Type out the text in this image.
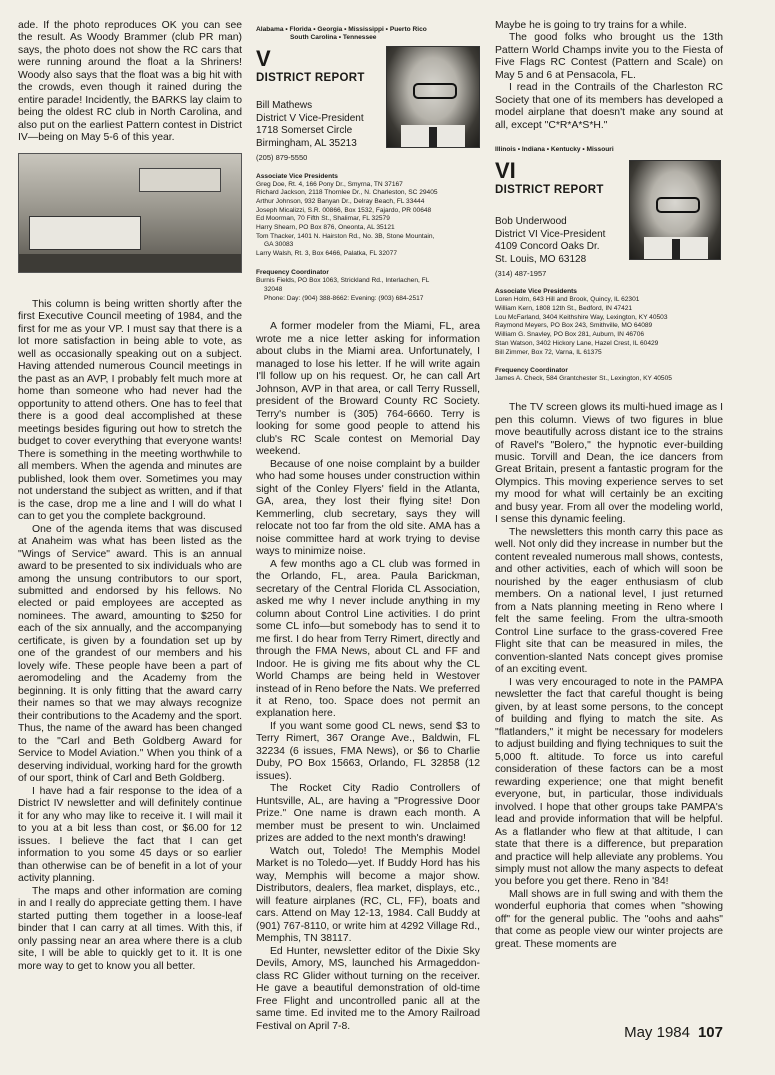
ade. If the photo reproduces OK you can see the result. As Woody Brammer (club PR man) says, the photo does not show the RC cars that were running around the float a la Shriners! Woody also says that the float was a big hit with the crowds, even though it rained during the entire parade! Incidently, the BARKS lay claim to being the oldest RC club in North Carolina, and also put on the earliest Pattern contest in District IV—being on May 5-6 of this year.

This column is being written shortly after the first Executive Council meeting of 1984, and the first for me as your VP. I must say that there is a lot more satisfaction in being able to vote, as well as occasionally speaking out on a subject. Having attended numerous Council meetings in the past as an AVP, I probably felt much more at home than someone who had never had the opportunity to attend others. One has to feel that there is a good deal accomplished at these meetings besides figuring out how to stretch the budget to cover everything that everyone wants! There is something in the meeting worthwhile to all members. When the agenda and minutes are published, look them over. Sometimes you may not understand the subject as written, and if that is the case, drop me a line and I will do what I can to get you the complete background.

One of the agenda items that was discused at Anaheim was what has been listed as the "Wings of Service" award. This is an annual award to be presented to six individuals who are among the unsung contributors to our sport, submitted and endorsed by his fellows. No elected or paid employees are accepted as nominees. The award, amounting to $250 for each of the six annually, and the accompanying certificate, is given by a foundation set up by one of the grandest of our members and his lovely wife. These people have been a part of aeromodeling and the Academy from the beginning. It is only fitting that the award carry their names so that we may always recognize their contributions to the Academy and the sport. Thus, the name of the award has been changed to the "Carl and Beth Goldberg Award for Service to Model Aviation." When you think of a deserving individual, working hard for the growth of our sport, think of Carl and Beth Goldberg.

I have had a fair response to the idea of a District IV newsletter and will definitely continue it for any who may like to receive it. I will mail it to you at a bit less than cost, or $6.00 for 12 issues. I believe the fact that I can get information to you some 45 days or so earlier than otherwise can be of benefit in a lot of your activity planning.

The maps and other information are coming in and I really do appreciate getting them. I have started putting them together in a loose-leaf binder that I can carry at all times. With this, if only passing near an area where there is a club site, I will be able to quickly get to it. It is one more way to get to know you all better.

Alabama • Florida • Georgia • Mississippi • Puerto Rico
South Carolina • Tennessee
V
DISTRICT REPORT
Bill Mathews
District V Vice-President
1718 Somerset Circle
Birmingham, AL 35213
(205) 879-5550
Associate Vice Presidents
Greg Doe, Rt. 4, 166 Pony Dr., Smyrna, TN 37167
Richard Jackson, 2118 Thornlee Dr., N. Charleston, SC 29405
Arthur Johnson, 932 Banyan Dr., Delray Beach, FL 33444
Joseph Micalizzi, S.R. 00866, Box 1532, Fajardo, PR 00648
Ed Moorman, 70 Fifth St., Shalimar, FL 32579
Harry Shearn, PO Box 876, Oneonta, AL 35121
Tom Thacker, 1401 N. Hairston Rd., No. 3B, Stone Mountain,
GA 30083
Larry Walsh, Rt. 3, Box 6466, Palatka, FL 32077
Frequency Coordinator
Burnis Fields, PO Box 1063, Strickland Rd., Interlachen, FL
32048
Phone: Day: (904) 388-8662: Evening: (903) 684-2517

A former modeler from the Miami, FL, area wrote me a nice letter asking for information about clubs in the Miami area. Unfortunately, I managed to lose his letter. If he will write again I'll follow up on his request. Or, he can call Art Johnson, AVP in that area, or call Terry Russell, president of the Broward County RC Society. Terry's number is (305) 764-6660. Terry is looking for some good people to attend his club's RC Scale contest on Memorial Day weekend.

Because of one noise complaint by a builder who had some houses under construction within sight of the Conley Flyers' field in the Atlanta, GA, area, they lost their flying site! Don Kemmerling, club secretary, says they will relocate not too far from the old site. AMA has a noise committee hard at work trying to devise ways to minimize noise.

A few months ago a CL club was formed in the Orlando, FL, area. Paula Barickman, secretary of the Central Florida CL Association, asked me why I never include anything in my column about Control Line activities. I do print some CL info—but somebody has to send it to me first. I do hear from Terry Rimert, directly and through the FMA News, about CL and FF and Indoor. He is giving me fits about why the CL World Champs are being held in Westover instead of in Reno before the Nats. We preferred it at Reno, too. Space does not permit an explanation here.

If you want some good CL news, send $3 to Terry Rimert, 367 Orange Ave., Baldwin, FL 32234 (6 issues, FMA News), or $6 to Charlie Duby, PO Box 15663, Orlando, FL 32858 (12 issues).

The Rocket City Radio Controllers of Huntsville, AL, are having a "Progressive Door Prize." One name is drawn each month. A member must be present to win. Unclaimed prizes are added to the next month's drawing!

Watch out, Toledo! The Memphis Model Market is no Toledo—yet. If Buddy Hord has his way, Memphis will become a major show. Distributors, dealers, flea market, displays, etc., will feature airplanes (RC, CL, FF), boats and cars. Attend on May 12-13, 1984. Call Buddy at (901) 767-8110, or write him at 4292 Village Rd., Memphis, TN 38117.

Ed Hunter, newsletter editor of the Dixie Sky Devils, Amory, MS, launched his Armageddon-class RC Glider without turning on the receiver. He gave a beautiful demonstration of old-time Free Flight and uncontrolled panic all at the same time. Ed invited me to the Amory Railroad Festival on April 7-8.

Maybe he is going to try trains for a while.

The good folks who brought us the 13th Pattern World Champs invite you to the Fiesta of Five Flags RC Contest (Pattern and Scale) on May 5 and 6 at Pensacola, FL.

I read in the Contrails of the Charleston RC Society that one of its members has developed a model airplane that doesn't make any sound at all, except "C*R*A*S*H."

Illinois • Indiana • Kentucky • Missouri
VI
DISTRICT REPORT
Bob Underwood
District VI Vice-President
4109 Concord Oaks Dr.
St. Louis, MO 63128
(314) 487-1957
Associate Vice Presidents
Loren Holm, 643 Hill and Brook, Quincy, IL 62301
William Kern, 1808 12th St., Bedford, IN 47421
Lou McFarland, 3404 Keithshire Way, Lexington, KY 40503
Raymond Meyers, PO Box 243, Smithville, MO 64089
William G. Snavley, PO Box 281, Auburn, IN 46706
Stan Watson, 3402 Hickory Lane, Hazel Crest, IL 60429
Bill Zimmer, Box 72, Varna, IL 61375
Frequency Coordinator
James A. Check, 584 Grantchester St., Lexington, KY 40505

The TV screen glows its multi-hued image as I pen this column. Views of two figures in blue move beautifully across distant ice to the strains of Ravel's "Bolero," the hypnotic ever-building music. Torvill and Dean, the ice dancers from Great Britain, present a fantastic program for the Olympics. This moving experience serves to set my mood for what will certainly be an exciting and busy year. From all over the modeling world, I sense this dynamic feeling.

The newsletters this month carry this pace as well. Not only did they increase in number but the content revealed numerous mall shows, contests, and other activities, each of which will soon be nourished by the eager enthusiasm of club members. On a national level, I just returned from a Nats planning meeting in Reno where I felt the same feeling. From the ultra-smooth Control Line surface to the grass-covered Free Flight site that can be measured in miles, the convention-slanted Nats concept gives promise of an exciting event.

I was very encouraged to note in the PAMPA newsletter the fact that careful thought is being given, by at least some persons, to the concept of building and flying to match the site. As "flatlanders," it might be necessary for modelers to adjust building and flying techniques to suit the 5,000 ft. altitude. To force us into careful consideration of these factors can be a most rewarding experience; one that might benefit everyone, but, in particular, those individuals involved. I hope that other groups take PAMPA's lead and provide information that will be helpful. As a flatlander who flew at that altitude, I can state that there is a difference, but preparation and practice will help alleviate any problems. You simply must not allow the many aspects to defeat you before you get there. Reno in '84!

Mall shows are in full swing and with them the wonderful euphoria that comes when "showing off" for the general public. The "oohs and aahs" that come as people view our winter projects are great. These moments are

May 1984 107
